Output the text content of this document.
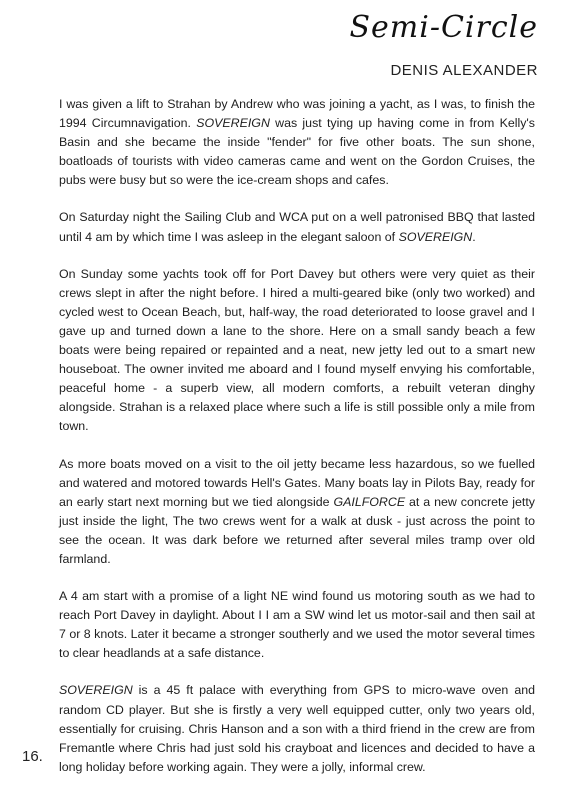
Semi-Circle
DENIS ALEXANDER

I was given a lift to Strahan by Andrew who was joining a yacht, as I was, to finish the 1994 Circumnavigation. SOVEREIGN was just tying up having come in from Kelly's Basin and she became the inside "fender" for five other boats. The sun shone, boatloads of tourists with video cameras came and went on the Gordon Cruises, the pubs were busy but so were the ice-cream shops and cafes.

On Saturday night the Sailing Club and WCA put on a well patronised BBQ that lasted until 4 am by which time I was asleep in the elegant saloon of SOVEREIGN.

On Sunday some yachts took off for Port Davey but others were very quiet as their crews slept in after the night before. I hired a multi-geared bike (only two worked) and cycled west to Ocean Beach, but, half-way, the road deteriorated to loose gravel and I gave up and turned down a lane to the shore. Here on a small sandy beach a few boats were being repaired or repainted and a neat, new jetty led out to a smart new houseboat. The owner invited me aboard and I found myself envying his comfortable, peaceful home - a superb view, all modern comforts, a rebuilt veteran dinghy alongside. Strahan is a relaxed place where such a life is still possible only a mile from town.

As more boats moved on a visit to the oil jetty became less hazardous, so we fuelled and watered and motored towards Hell's Gates. Many boats lay in Pilots Bay, ready for an early start next morning but we tied alongside GAILFORCE at a new concrete jetty just inside the light, The two crews went for a walk at dusk - just across the point to see the ocean. It was dark before we returned after several miles tramp over old farmland.

A 4 am start with a promise of a light NE wind found us motoring south as we had to reach Port Davey in daylight. About I I am a SW wind let us motor-sail and then sail at 7 or 8 knots. Later it became a stronger southerly and we used the motor several times to clear headlands at a safe distance.

SOVEREIGN is a 45 ft palace with everything from GPS to micro-wave oven and random CD player. But she is firstly a very well equipped cutter, only two years old, essentially for cruising. Chris Hanson and a son with a third friend in the crew are from Fremantle where Chris had just sold his crayboat and licences and decided to have a long holiday before working again. They were a jolly, informal crew.

16.
